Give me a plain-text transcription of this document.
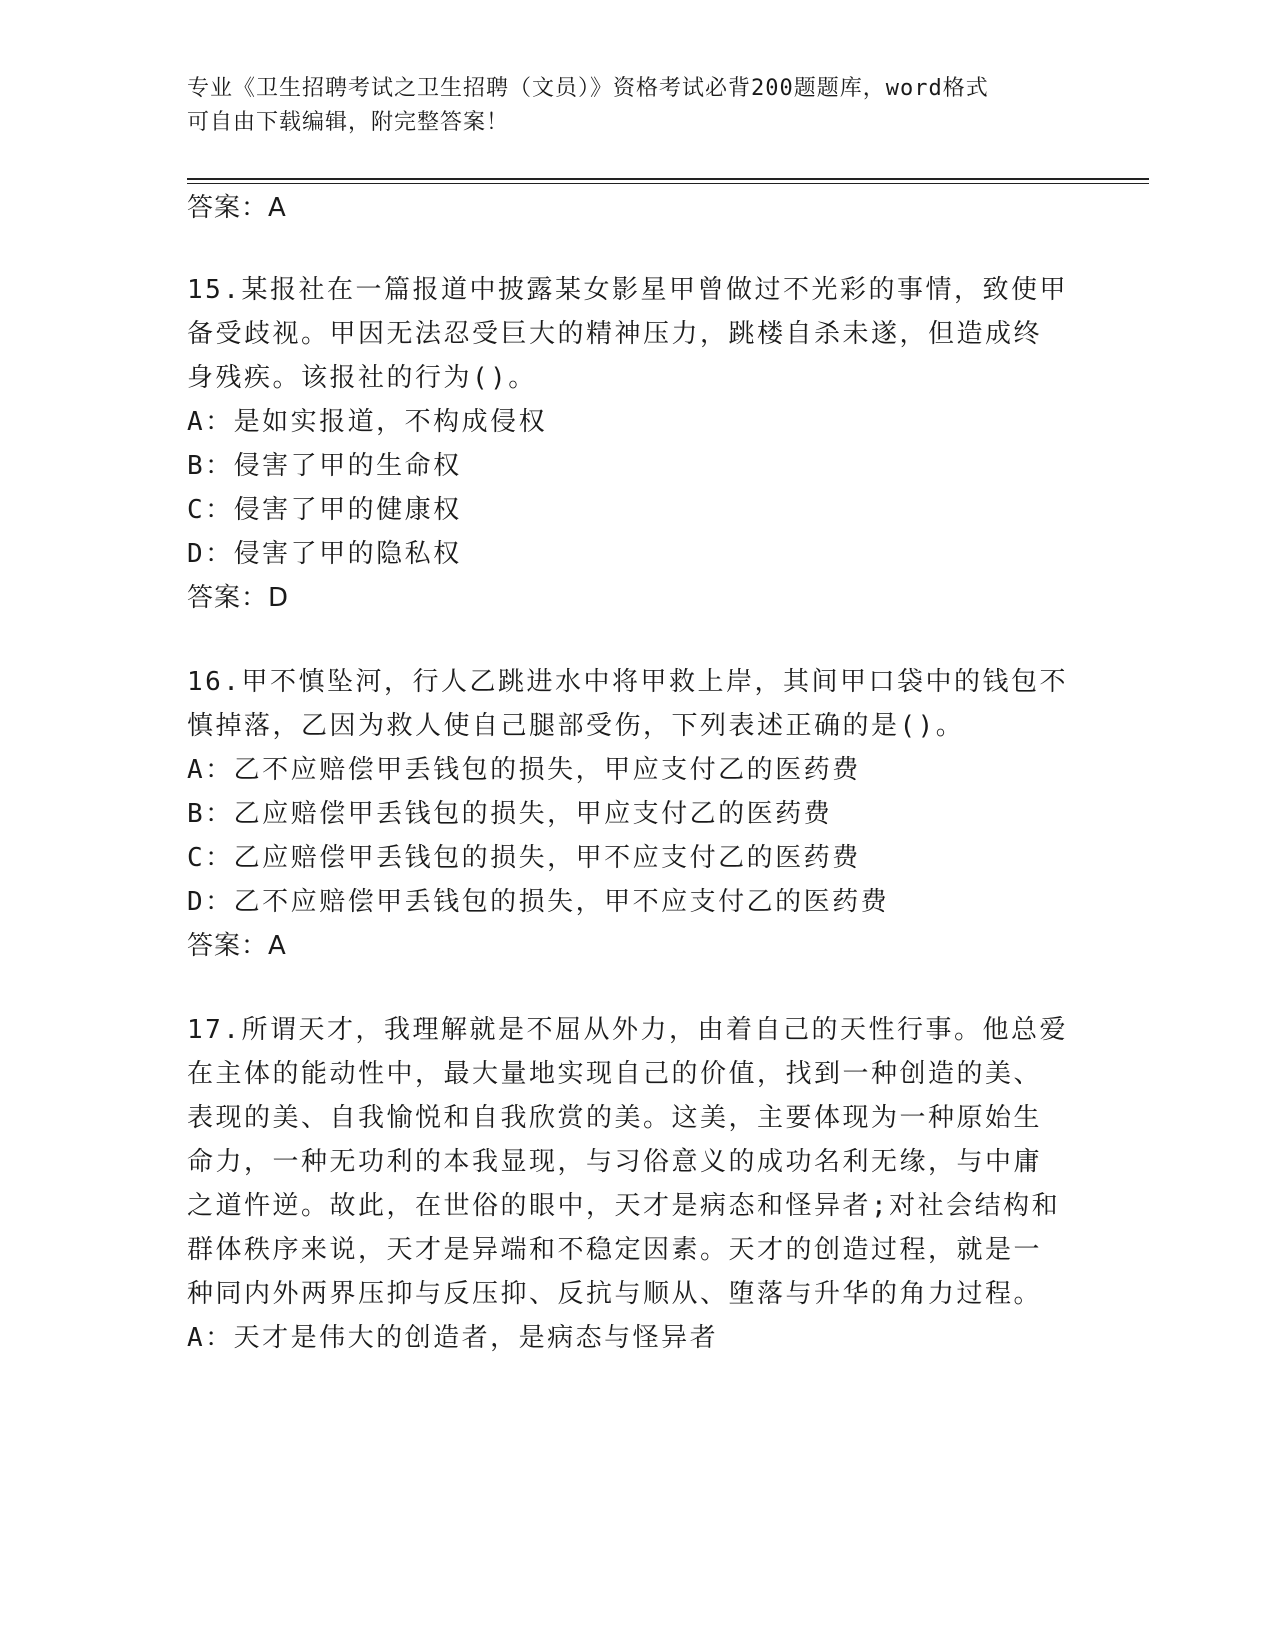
专业《卫生招聘考试之卫生招聘（文员）》资格考试必背200题题库，word格式
可自由下载编辑，附完整答案！
答案：A
15.某报社在一篇报道中披露某女影星甲曾做过不光彩的事情，致使甲
备受歧视。甲因无法忍受巨大的精神压力，跳楼自杀未遂，但造成终
身残疾。该报社的行为()。
A：是如实报道，不构成侵权
B：侵害了甲的生命权
C：侵害了甲的健康权
D：侵害了甲的隐私权
答案：D
16.甲不慎坠河，行人乙跳进水中将甲救上岸，其间甲口袋中的钱包不
慎掉落，乙因为救人使自己腿部受伤，下列表述正确的是()。
A：乙不应赔偿甲丢钱包的损失，甲应支付乙的医药费
B：乙应赔偿甲丢钱包的损失，甲应支付乙的医药费
C：乙应赔偿甲丢钱包的损失，甲不应支付乙的医药费
D：乙不应赔偿甲丢钱包的损失，甲不应支付乙的医药费
答案：A
17.所谓天才，我理解就是不屈从外力，由着自己的天性行事。他总爱
在主体的能动性中，最大量地实现自己的价值，找到一种创造的美、
表现的美、自我愉悦和自我欣赏的美。这美，主要体现为一种原始生
命力，一种无功利的本我显现，与习俗意义的成功名利无缘，与中庸
之道忤逆。故此，在世俗的眼中，天才是病态和怪异者;对社会结构和
群体秩序来说，天才是异端和不稳定因素。天才的创造过程，就是一
种同内外两界压抑与反压抑、反抗与顺从、堕落与升华的角力过程。
A：天才是伟大的创造者，是病态与怪异者
